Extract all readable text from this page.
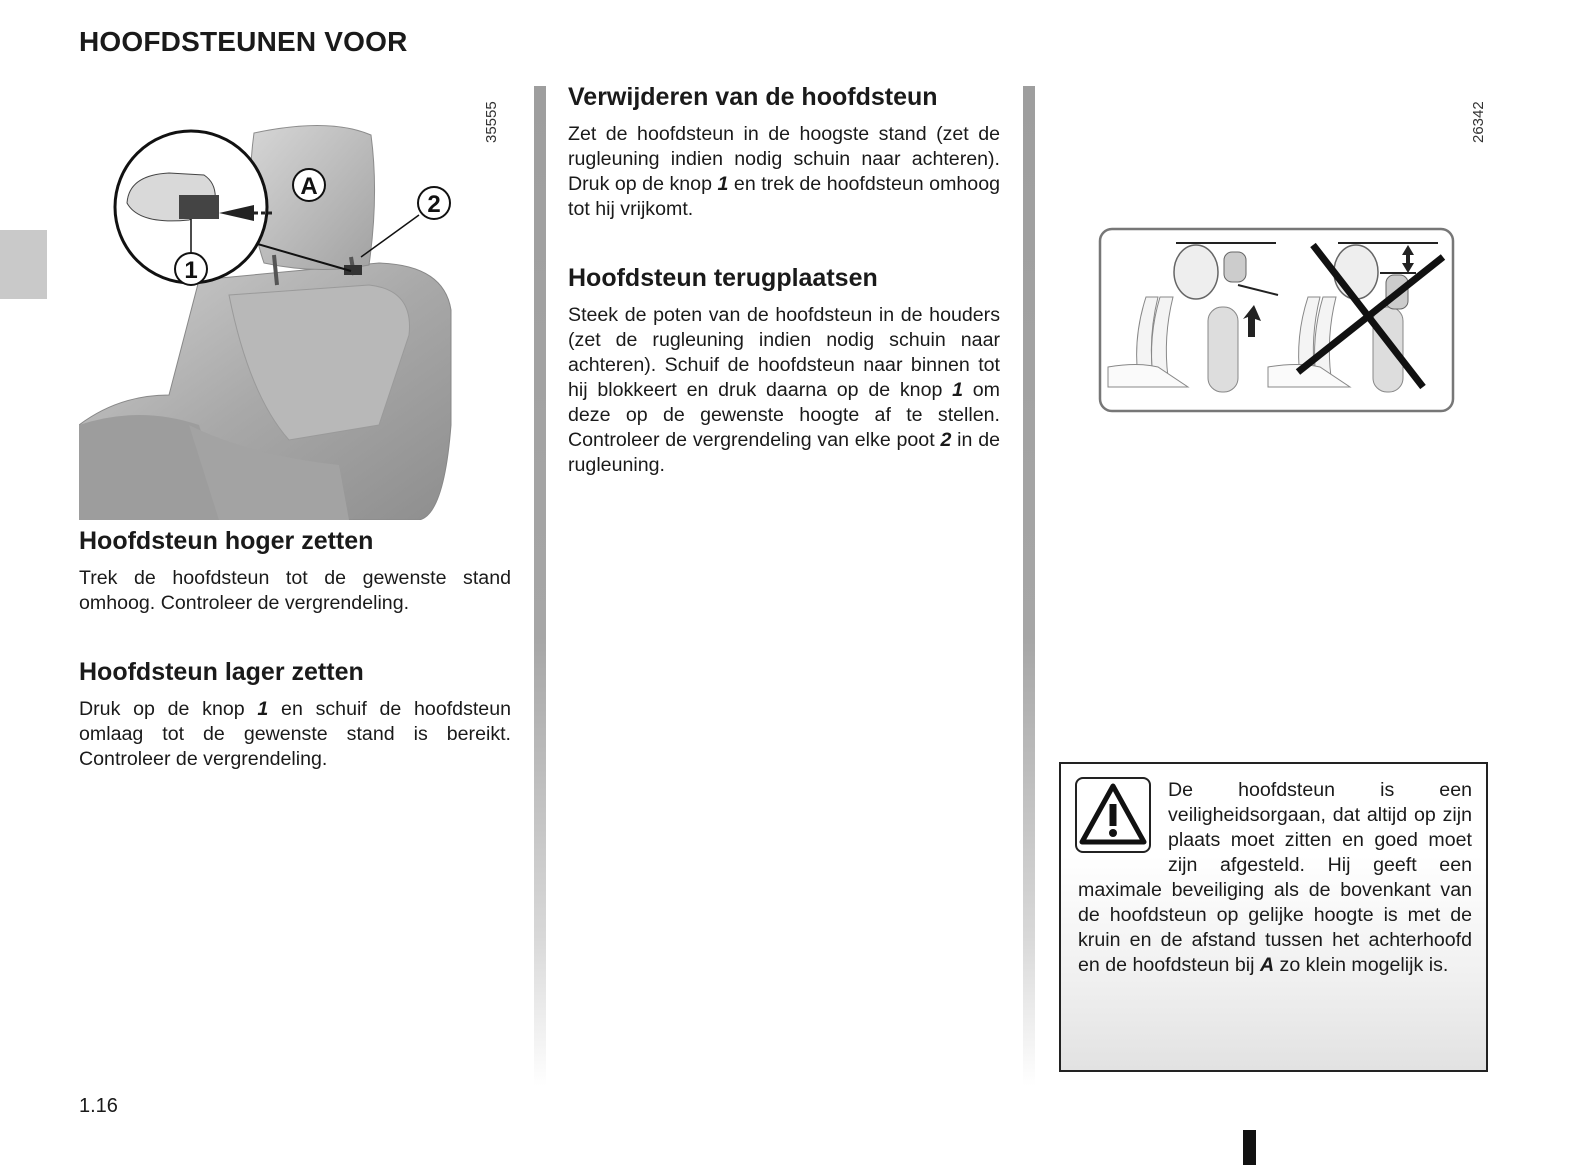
HOOFDSTEUNEN VOOR
A
2
1
35555
Hoofdsteun hoger zetten

Trek de hoofdsteun tot de gewenste stand omhoog. Controleer de vergrendeling.

Hoofdsteun lager zetten

Druk op de knop 1 en schuif de hoofdsteun omlaag tot de gewenste stand is bereikt. Controleer de vergrendeling.

Verwijderen van de hoofdsteun

Zet de hoofdsteun in de hoogste stand (zet de rugleuning indien nodig schuin naar achteren). Druk op de knop 1 en trek de hoofdsteun omhoog tot hij vrijkomt.

Hoofdsteun terugplaatsen

Steek de poten van de hoofdsteun in de houders (zet de rugleuning indien nodig schuin naar achteren). Schuif de hoofdsteun naar binnen tot hij blokkeert en druk daarna op de knop 1 om deze op de gewenste hoogte af te stellen. Controleer de vergrendeling van elke poot 2 in de rugleuning.

26342
De hoofdsteun is een veiligheidsorgaan, dat altijd op zijn plaats moet zitten en goed moet zijn afgesteld. Hij geeft een maximale beveiliging als de bovenkant van de hoofdsteun op gelijke hoogte is met de kruin en de afstand tussen het achterhoofd en de hoofdsteun bij A zo klein mogelijk is.
1.16
